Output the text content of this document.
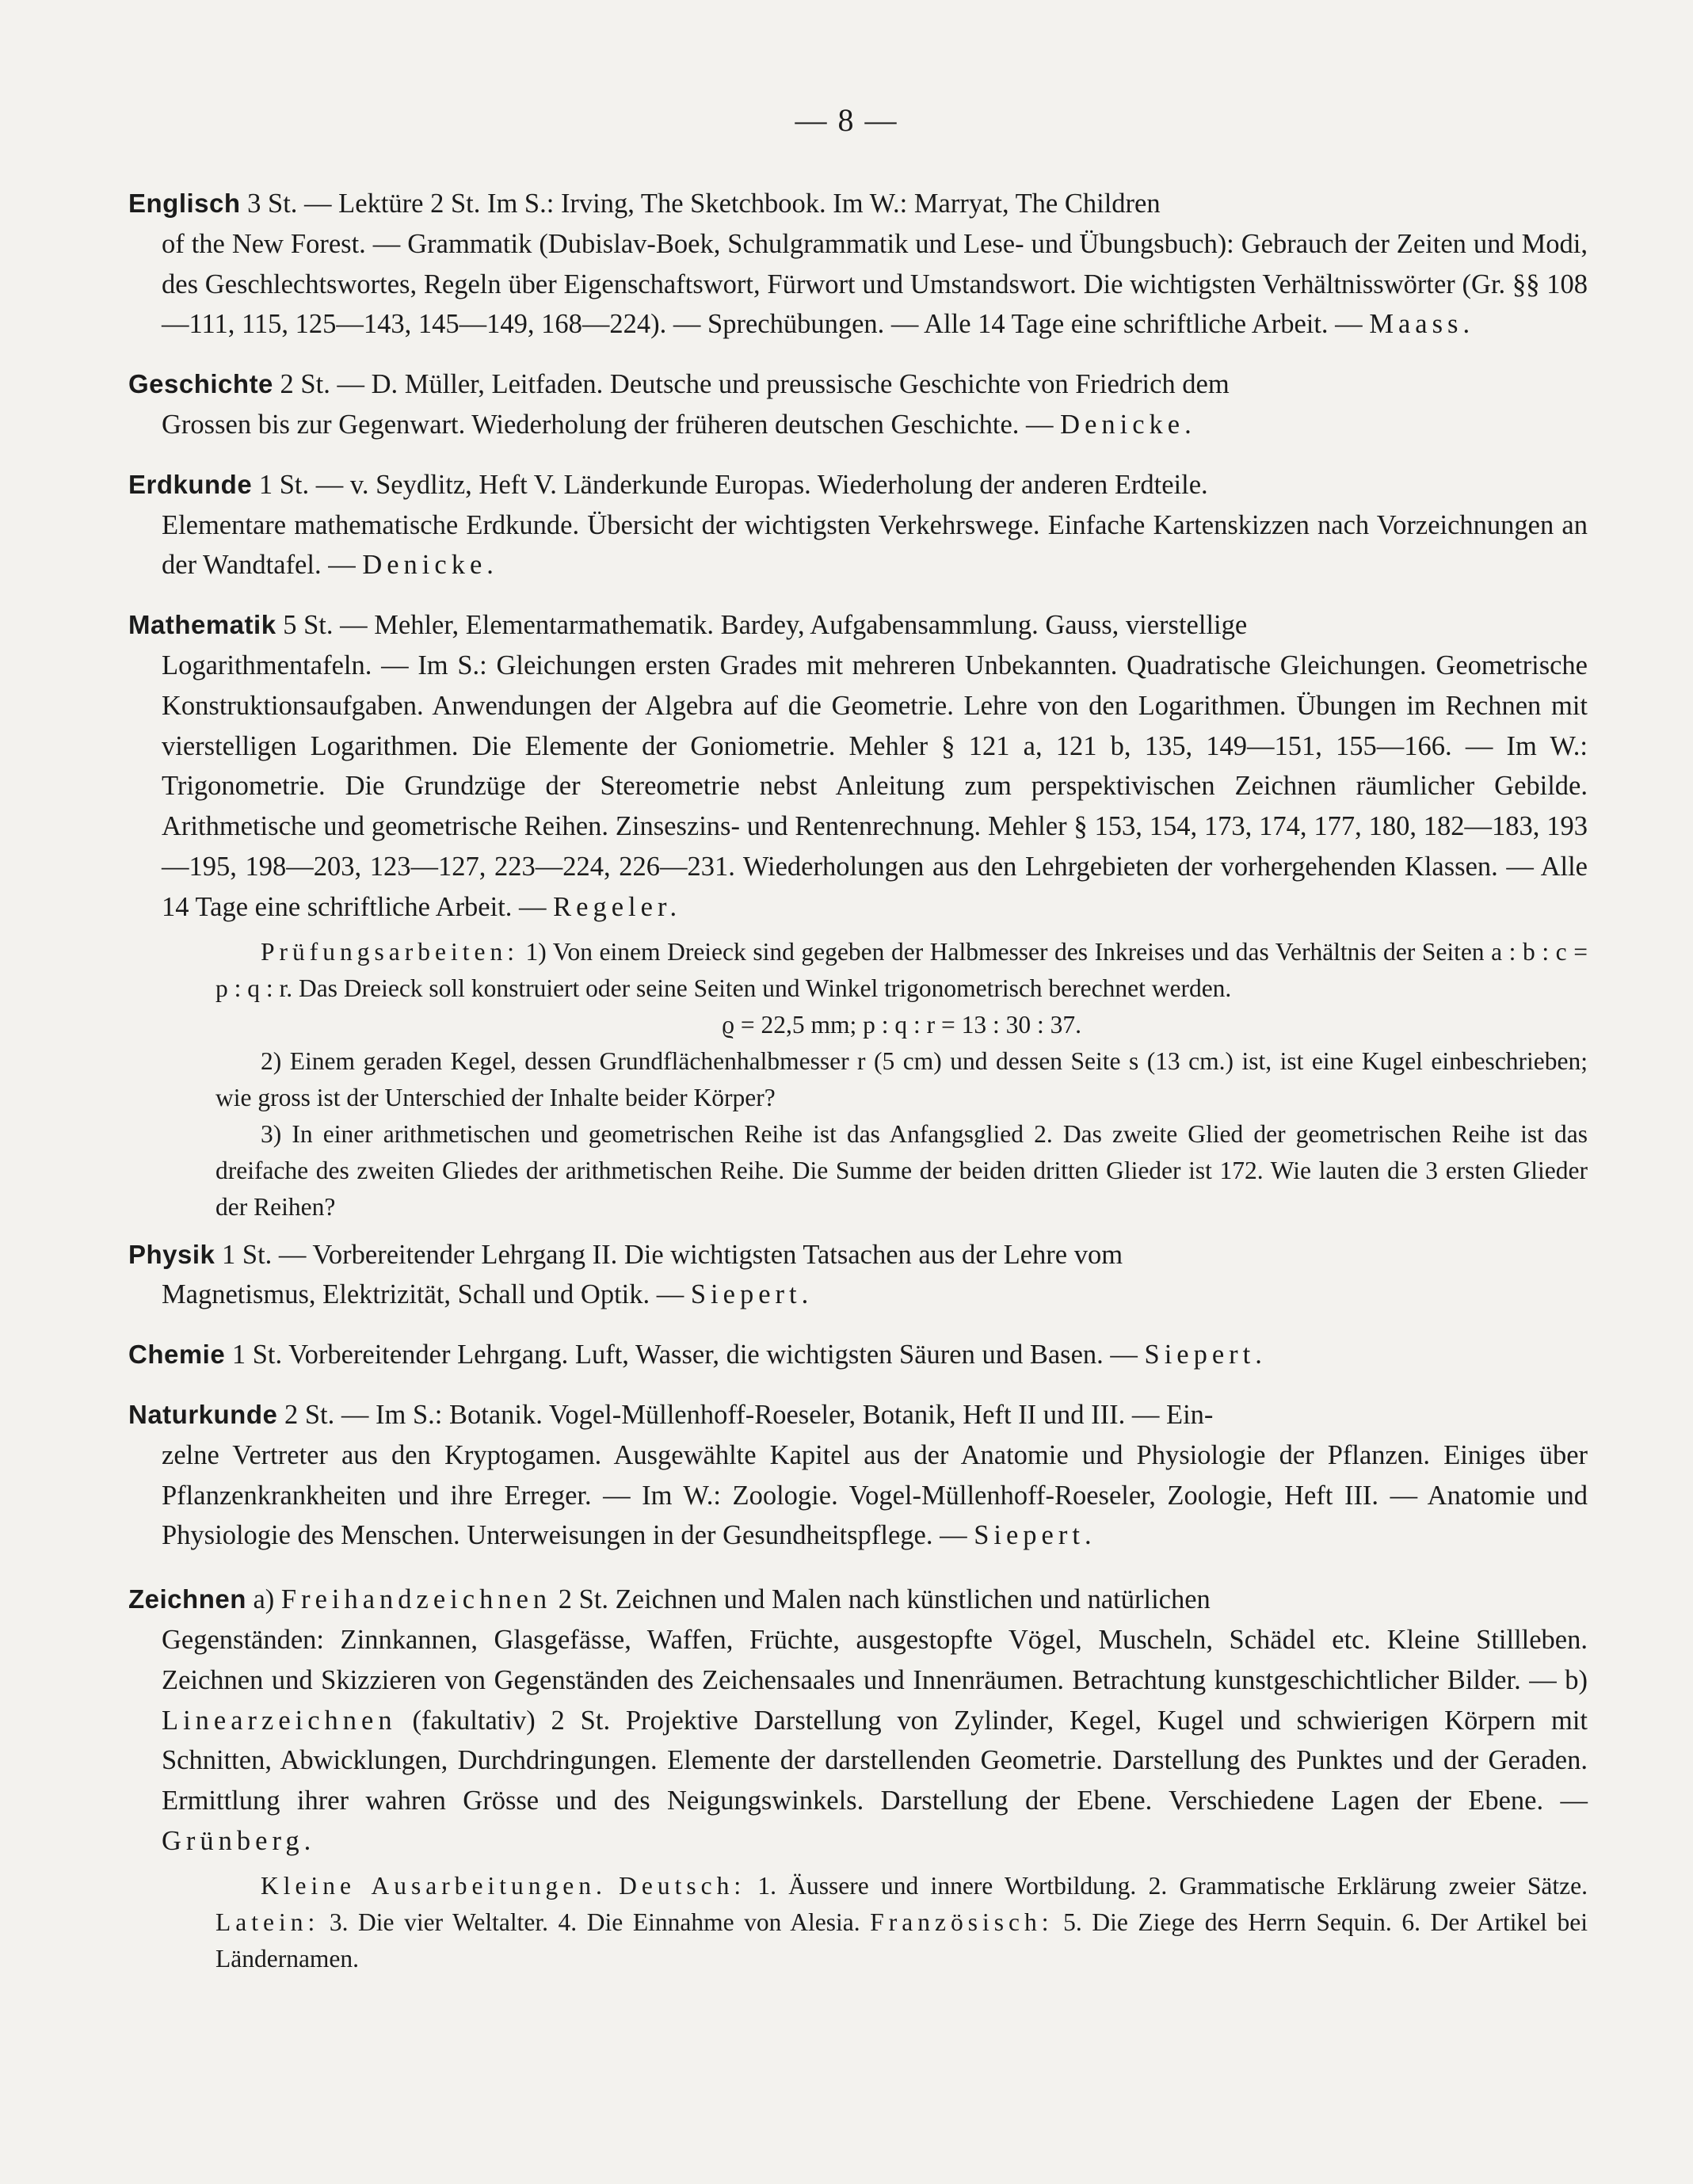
— 8 —
Englisch 3 St. — Lektüre 2 St. Im S.: Irving, The Sketchbook. Im W.: Marryat, The Children
of the New Forest. — Grammatik (Dubislav-Boek, Schulgrammatik und Lese- und Übungsbuch): Gebrauch der Zeiten und Modi, des Geschlechtswortes, Regeln über Eigenschaftswort, Fürwort und Umstandswort. Die wichtigsten Verhältnisswörter (Gr. §§ 108—111, 115, 125—143, 145—149, 168—224). — Sprechübungen. — Alle 14 Tage eine schriftliche Arbeit. — Maass.
Geschichte 2 St. — D. Müller, Leitfaden. Deutsche und preussische Geschichte von Friedrich dem
Grossen bis zur Gegenwart. Wiederholung der früheren deutschen Geschichte. — Denicke.
Erdkunde 1 St. — v. Seydlitz, Heft V. Länderkunde Europas. Wiederholung der anderen Erdteile.
Elementare mathematische Erdkunde. Übersicht der wichtigsten Verkehrswege. Einfache Kartenskizzen nach Vorzeichnungen an der Wandtafel. — Denicke.
Mathematik 5 St. — Mehler, Elementarmathematik. Bardey, Aufgabensammlung. Gauss, vierstellige
Logarithmentafeln. — Im S.: Gleichungen ersten Grades mit mehreren Unbekannten. Quadratische Gleichungen. Geometrische Konstruktionsaufgaben. Anwendungen der Algebra auf die Geometrie. Lehre von den Logarithmen. Übungen im Rechnen mit vierstelligen Logarithmen. Die Elemente der Goniometrie. Mehler § 121 a, 121 b, 135, 149—151, 155—166. — Im W.: Trigonometrie. Die Grundzüge der Stereometrie nebst Anleitung zum perspektivischen Zeichnen räumlicher Gebilde. Arithmetische und geometrische Reihen. Zinseszins- und Rentenrechnung. Mehler § 153, 154, 173, 174, 177, 180, 182—183, 193—195, 198—203, 123—127, 223—224, 226—231. Wiederholungen aus den Lehrgebieten der vorhergehenden Klassen. — Alle 14 Tage eine schriftliche Arbeit. — Regeler.
Prüfungsarbeiten: 1) Von einem Dreieck sind gegeben der Halbmesser des Inkreises und das Verhältnis der Seiten a : b : c = p : q : r. Das Dreieck soll konstruiert oder seine Seiten und Winkel trigonometrisch berechnet werden.
ϱ = 22,5 mm; p : q : r = 13 : 30 : 37.
2) Einem geraden Kegel, dessen Grundflächenhalbmesser r (5 cm) und dessen Seite s (13 cm.) ist, ist eine Kugel einbeschrieben; wie gross ist der Unterschied der Inhalte beider Körper?
3) In einer arithmetischen und geometrischen Reihe ist das Anfangsglied 2. Das zweite Glied der geometrischen Reihe ist das dreifache des zweiten Gliedes der arithmetischen Reihe. Die Summe der beiden dritten Glieder ist 172. Wie lauten die 3 ersten Glieder der Reihen?
Physik 1 St. — Vorbereitender Lehrgang II. Die wichtigsten Tatsachen aus der Lehre vom
Magnetismus, Elektrizität, Schall und Optik. — Siepert.
Chemie 1 St. Vorbereitender Lehrgang. Luft, Wasser, die wichtigsten Säuren und Basen. — Siepert.
Naturkunde 2 St. — Im S.: Botanik. Vogel-Müllenhoff-Roeseler, Botanik, Heft II und III. — Ein-
zelne Vertreter aus den Kryptogamen. Ausgewählte Kapitel aus der Anatomie und Physiologie der Pflanzen. Einiges über Pflanzenkrankheiten und ihre Erreger. — Im W.: Zoologie. Vogel-Müllenhoff-Roeseler, Zoologie, Heft III. — Anatomie und Physiologie des Menschen. Unterweisungen in der Gesundheitspflege. — Siepert.
Zeichnen a) Freihandzeichnen 2 St. Zeichnen und Malen nach künstlichen und natürlichen
Gegenständen: Zinnkannen, Glasgefässe, Waffen, Früchte, ausgestopfte Vögel, Muscheln, Schädel etc. Kleine Stillleben. Zeichnen und Skizzieren von Gegenständen des Zeichensaales und Innenräumen. Betrachtung kunstgeschichtlicher Bilder. — b) Linearzeichnen (fakultativ) 2 St. Projektive Darstellung von Zylinder, Kegel, Kugel und schwierigen Körpern mit Schnitten, Abwicklungen, Durchdringungen. Elemente der darstellenden Geometrie. Darstellung des Punktes und der Geraden. Ermittlung ihrer wahren Grösse und des Neigungswinkels. Darstellung der Ebene. Verschiedene Lagen der Ebene. — Grünberg.
Kleine Ausarbeitungen. Deutsch: 1. Äussere und innere Wortbildung. 2. Grammatische Erklärung zweier Sätze. Latein: 3. Die vier Weltalter. 4. Die Einnahme von Alesia. Französisch: 5. Die Ziege des Herrn Sequin. 6. Der Artikel bei Ländernamen.
